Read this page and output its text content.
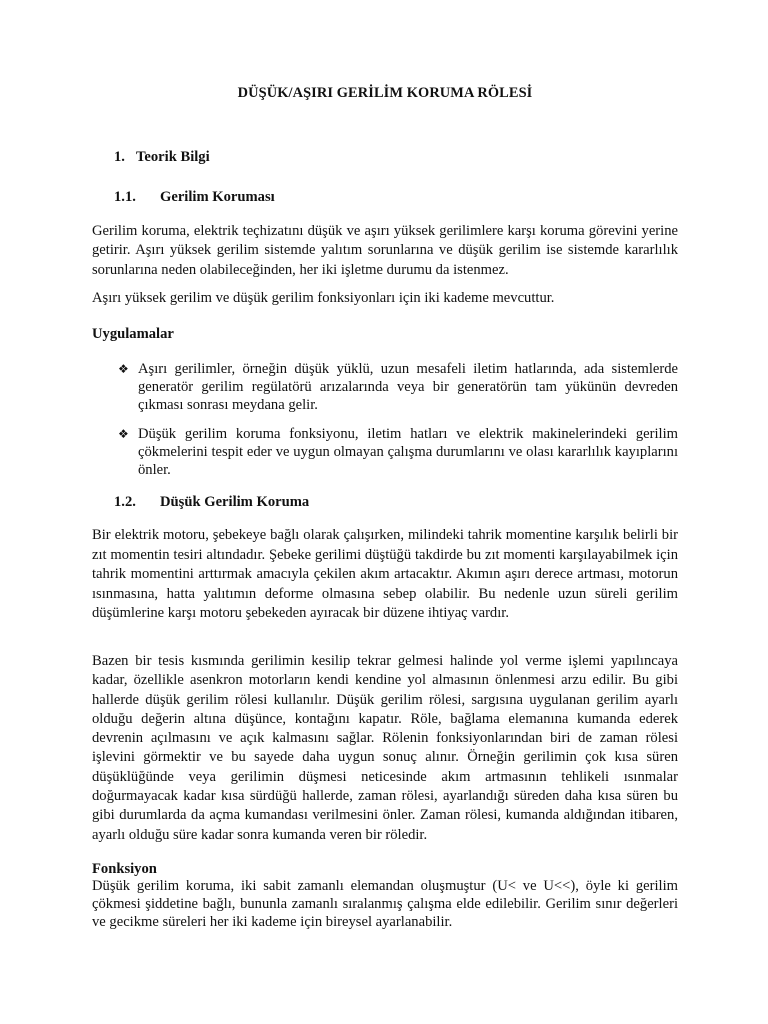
DÜŞÜK/AŞIRI GERİLİM KORUMA RÖLESİ
1. Teorik Bilgi
1.1. Gerilim Koruması

Gerilim koruma, elektrik teçhizatını düşük ve aşırı yüksek gerilimlere karşı koruma görevini yerine getirir. Aşırı yüksek gerilim sistemde yalıtım sorunlarına ve düşük gerilim ise sistemde kararlılık sorunlarına neden olabileceğinden, her iki işletme durumu da istenmez.

Aşırı yüksek gerilim ve düşük gerilim fonksiyonları için iki kademe mevcuttur.

Uygulamalar
❖ Aşırı gerilimler, örneğin düşük yüklü, uzun mesafeli iletim hatlarında, ada sistemlerde generatör gerilim regülatörü arızalarında veya bir generatörün tam yükünün devreden çıkması sonrası meydana gelir.
❖ Düşük gerilim koruma fonksiyonu, iletim hatları ve elektrik makinelerindeki gerilim çökmelerini tespit eder ve uygun olmayan çalışma durumlarını ve olası kararlılık kayıplarını önler.
1.2. Düşük Gerilim Koruma

Bir elektrik motoru, şebekeye bağlı olarak çalışırken, milindeki tahrik momentine karşılık belirli bir zıt momentin tesiri altındadır. Şebeke gerilimi düştüğü takdirde bu zıt momenti karşılayabilmek için tahrik momentini arttırmak amacıyla çekilen akım artacaktır. Akımın aşırı derece artması, motorun ısınmasına, hatta yalıtımın deforme olmasına sebep olabilir. Bu nedenle uzun süreli gerilim düşümlerine karşı motoru şebekeden ayıracak bir düzene ihtiyaç vardır.

Bazen bir tesis kısmında gerilimin kesilip tekrar gelmesi halinde yol verme işlemi yapılıncaya kadar, özellikle asenkron motorların kendi kendine yol almasının önlenmesi arzu edilir. Bu gibi hallerde düşük gerilim rölesi kullanılır. Düşük gerilim rölesi, sargısına uygulanan gerilim ayarlı olduğu değerin altına düşünce, kontağını kapatır. Röle, bağlama elemanına kumanda ederek devrenin açılmasını ve açık kalmasını sağlar. Rölenin fonksiyonlarından biri de zaman rölesi işlevini görmektir ve bu sayede daha uygun sonuç alınır. Örneğin gerilimin çok kısa süren düşüklüğünde veya gerilimin düşmesi neticesinde akım artmasının tehlikeli ısınmalar doğurmayacak kadar kısa sürdüğü hallerde, zaman rölesi, ayarlandığı süreden daha kısa süren bu gibi durumlarda da açma kumandası verilmesini önler. Zaman rölesi, kumanda aldığından itibaren, ayarlı olduğu süre kadar sonra kumanda veren bir röledir.

Fonksiyon

Düşük gerilim koruma, iki sabit zamanlı elemandan oluşmuştur (U< ve U<<), öyle ki gerilim çökmesi şiddetine bağlı, bununla zamanlı sıralanmış çalışma elde edilebilir. Gerilim sınır değerleri ve gecikme süreleri her iki kademe için bireysel ayarlanabilir.
